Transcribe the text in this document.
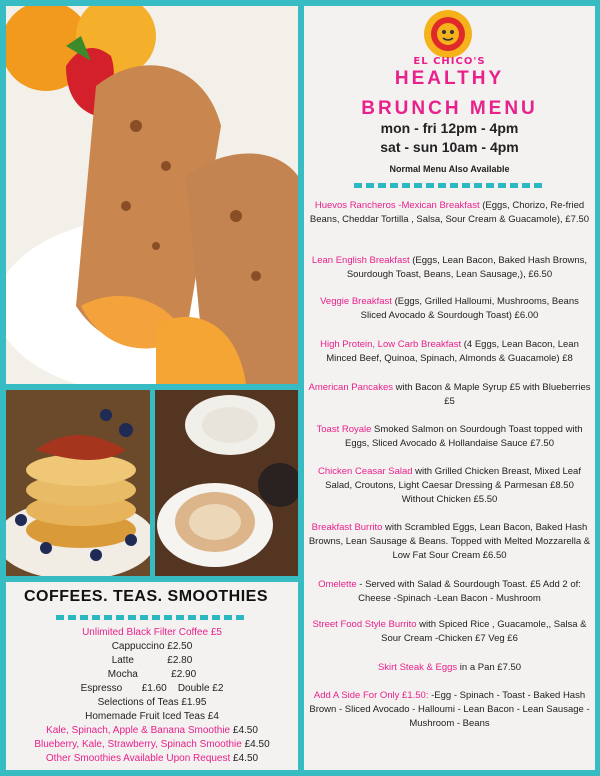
EL CHICO'S
HEALTHY
BRUNCH MENU
mon - fri 12pm - 4pm
sat - sun 10am - 4pm
Normal Menu Also Available
Huevos Rancheros -Mexican Breakfast (Eggs, Chorizo, Re-fried Beans, Cheddar Tortilla , Salsa, Sour Cream & Guacamole), £7.50
Lean English Breakfast (Eggs, Lean Bacon, Baked Hash Browns, Sourdough Toast, Beans, Lean Sausage,), £6.50
Veggie Breakfast (Eggs, Grilled Halloumi, Mushrooms, Beans Sliced Avocado & Sourdough Toast) £6.00
High Protein, Low Carb Breakfast (4 Eggs, Lean Bacon, Lean Minced Beef, Quinoa, Spinach, Almonds & Guacamole) £8
American Pancakes with Bacon & Maple Syrup £5 with Blueberries £5
Toast Royale Smoked Salmon on Sourdough Toast topped with Eggs, Sliced Avocado & Hollandaise Sauce £7.50
Chicken Ceasar Salad with Grilled Chicken Breast, Mixed Leaf Salad, Croutons, Light Caesar Dressing & Parmesan £8.50 Without Chicken £5.50
Breakfast Burrito with Scrambled Eggs, Lean Bacon, Baked Hash Browns, Lean Sausage & Beans. Topped with Melted Mozzarella & Low Fat Sour Cream £6.50
Omelette - Served with Salad & Sourdough Toast. £5 Add 2 of: Cheese -Spinach -Lean Bacon - Mushroom
Street Food Style Burrito with Spiced Rice , Guacamole,, Salsa & Sour Cream -Chicken £7 Veg £6
Skirt Steak & Eggs in a Pan £7.50
Add A Side For Only £1.50: -Egg - Spinach - Toast - Baked Hash Brown - Sliced Avocado - Halloumi - Lean Bacon - Lean Sausage - Mushroom - Beans
COFFEES. TEAS. SMOOTHIES
Unlimited Black Filter Coffee £5
Cappuccino £2.50
Latte            £2.80
Mocha            £2.90
Espresso       £1.60    Double £2
Selections of Teas £1.95
Homemade Fruit Iced Teas £4
Kale, Spinach, Apple & Banana Smoothie £4.50
Blueberry, Kale, Strawberry, Spinach Smoothie £4.50
Other Smoothies Available Upon Request £4.50
